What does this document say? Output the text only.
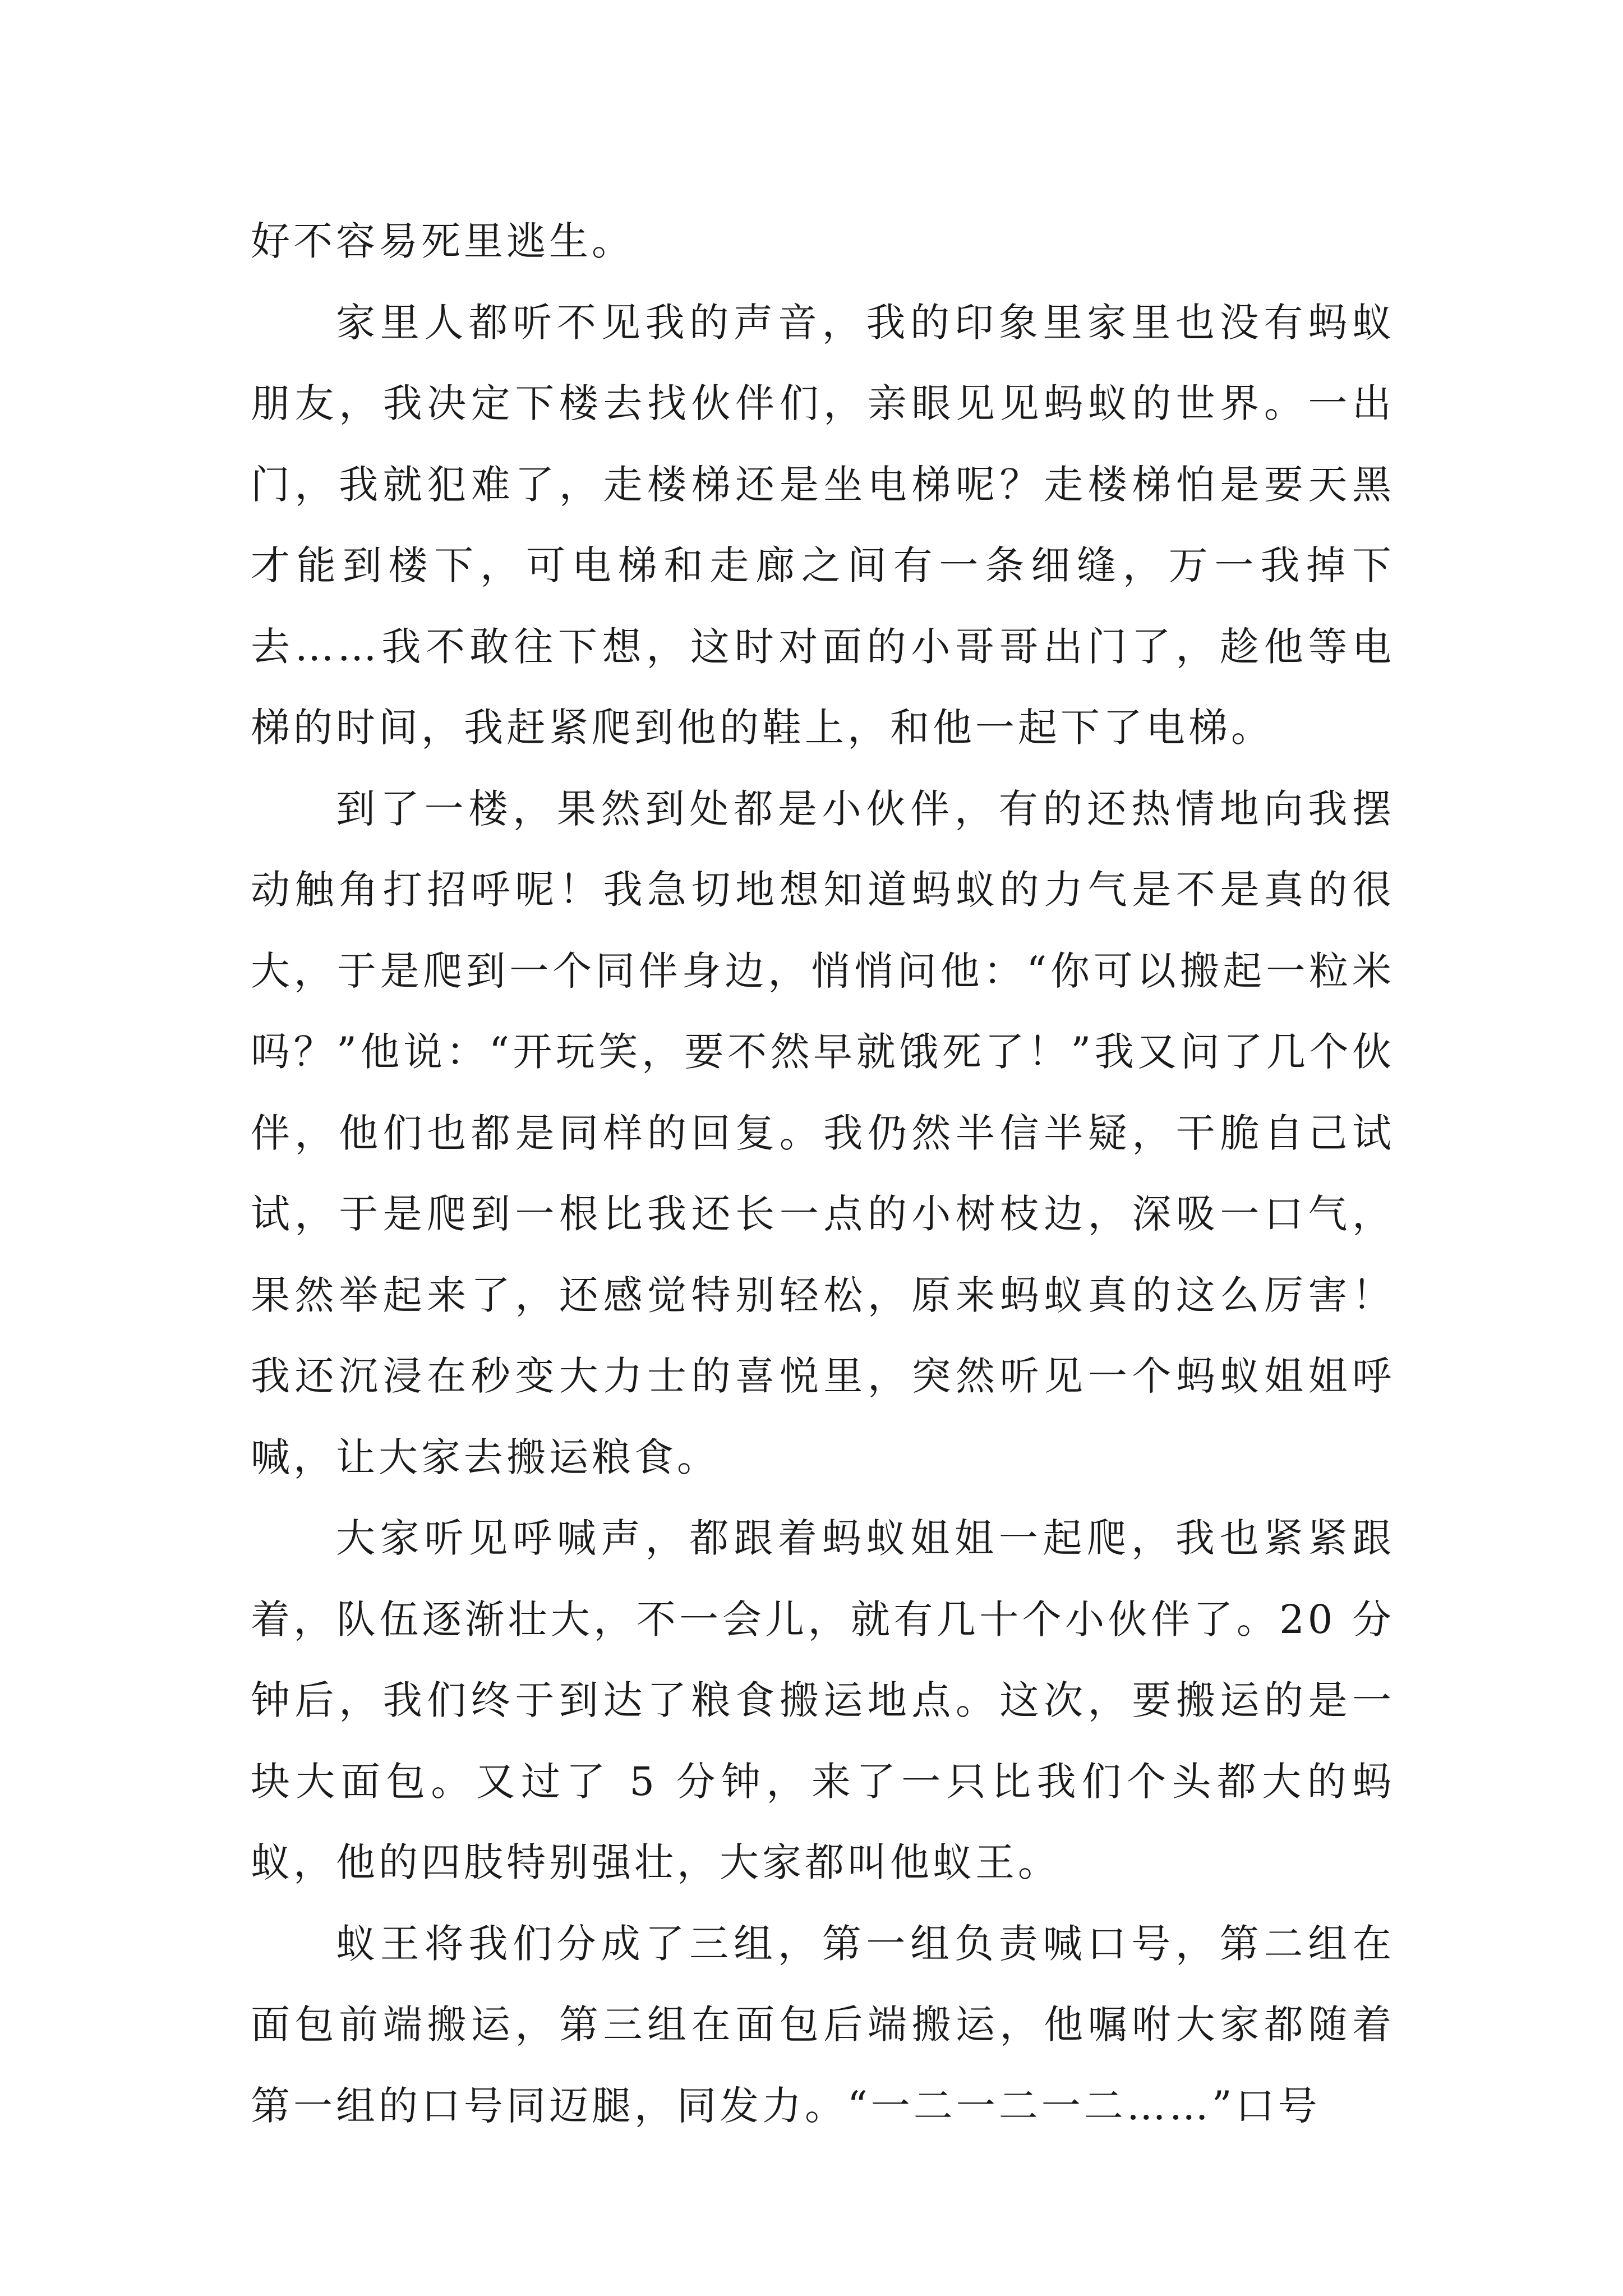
好不容易死里逃生。

家里人都听不见我的声音，我的印象里家里也没有蚂蚁朋友，我决定下楼去找伙伴们，亲眼见见蚂蚁的世界。一出门，我就犯难了，走楼梯还是坐电梯呢？走楼梯怕是要天黑才能到楼下，可电梯和走廊之间有一条细缝，万一我掉下去……我不敢往下想，这时对面的小哥哥出门了，趁他等电梯的时间，我赶紧爬到他的鞋上，和他一起下了电梯。

到了一楼，果然到处都是小伙伴，有的还热情地向我摆动触角打招呼呢！我急切地想知道蚂蚁的力气是不是真的很大，于是爬到一个同伴身边，悄悄问他：“你可以搬起一粒米吗？”他说：“开玩笑，要不然早就饿死了！”我又问了几个伙伴，他们也都是同样的回复。我仍然半信半疑，干脆自己试试，于是爬到一根比我还长一点的小树枝边，深吸一口气，果然举起来了，还感觉特别轻松，原来蚂蚁真的这么厉害！我还沉浸在秒变大力士的喜悦里，突然听见一个蚂蚁姐姐呼喊，让大家去搬运粮食。

大家听见呼喊声，都跟着蚂蚁姐姐一起爬，我也紧紧跟着，队伍逐渐壮大，不一会儿，就有几十个小伙伴了。20 分钟后，我们终于到达了粮食搬运地点。这次，要搬运的是一块大面包。又过了 5 分钟，来了一只比我们个头都大的蚂蚁，他的四肢特别强壮，大家都叫他蚁王。

蚁王将我们分成了三组，第一组负责喊口号，第二组在面包前端搬运，第三组在面包后端搬运，他嘱咐大家都随着第一组的口号同迈腿，同发力。“一二一二一二……”口号
